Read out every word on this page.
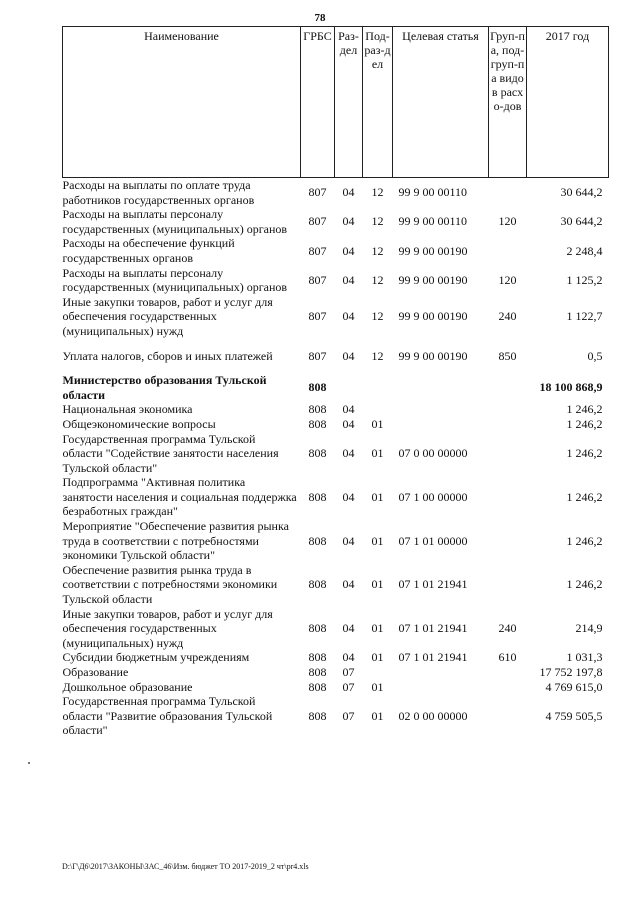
78
Наименование	ГРБС	Раз-дел	Под-раз-дел	Целевая статья	Груп-па, под-груп-па видов расхо-дов	2017 год
Расходы на выплаты по оплате труда работников государственных органов	807	04	12	99 9 00 00110		30 644,2
Расходы на выплаты персоналу государственных (муниципальных) органов	807	04	12	99 9 00 00110	120	30 644,2
Расходы на обеспечение функций государственных органов	807	04	12	99 9 00 00190		2 248,4
Расходы на выплаты персоналу государственных (муниципальных) органов	807	04	12	99 9 00 00190	120	1 125,2
Иные закупки товаров, работ и услуг для обеспечения государственных (муниципальных) нужд	807	04	12	99 9 00 00190	240	1 122,7

Уплата налогов, сборов и иных платежей	807	04	12	99 9 00 00190	850	0,5

Министерство образования Тульской области	808					18 100 868,9
Национальная экономика	808	04				1 246,2
Общеэкономические вопросы	808	04	01			1 246,2
Государственная программа Тульской области "Содействие занятости населения Тульской области"	808	04	01	07 0 00 00000		1 246,2
Подпрограмма "Активная политика занятости населения и социальная поддержка безработных граждан"	808	04	01	07 1 00 00000		1 246,2
Мероприятие "Обеспечение развития рынка труда в соответствии с потребностями экономики Тульской области"	808	04	01	07 1 01 00000		1 246,2
Обеспечение развития рынка труда в соответствии с потребностями экономики Тульской области	808	04	01	07 1 01 21941		1 246,2
Иные закупки товаров, работ и услуг для обеспечения государственных (муниципальных) нужд	808	04	01	07 1 01 21941	240	214,9
Субсидии бюджетным учреждениям	808	04	01	07 1 01 21941	610	1 031,3
Образование	808	07				17 752 197,8
Дошкольное образование	808	07	01			4 769 615,0
Государственная программа Тульской области "Развитие образования Тульской области"	808	07	01	02 0 00 00000		4 759 505,5
D:\Г\Д6\2017\ЗАКОНЫ\ЗАС_46\Изм. бюджет ТО 2017-2019_2 чт\pr4.xls
